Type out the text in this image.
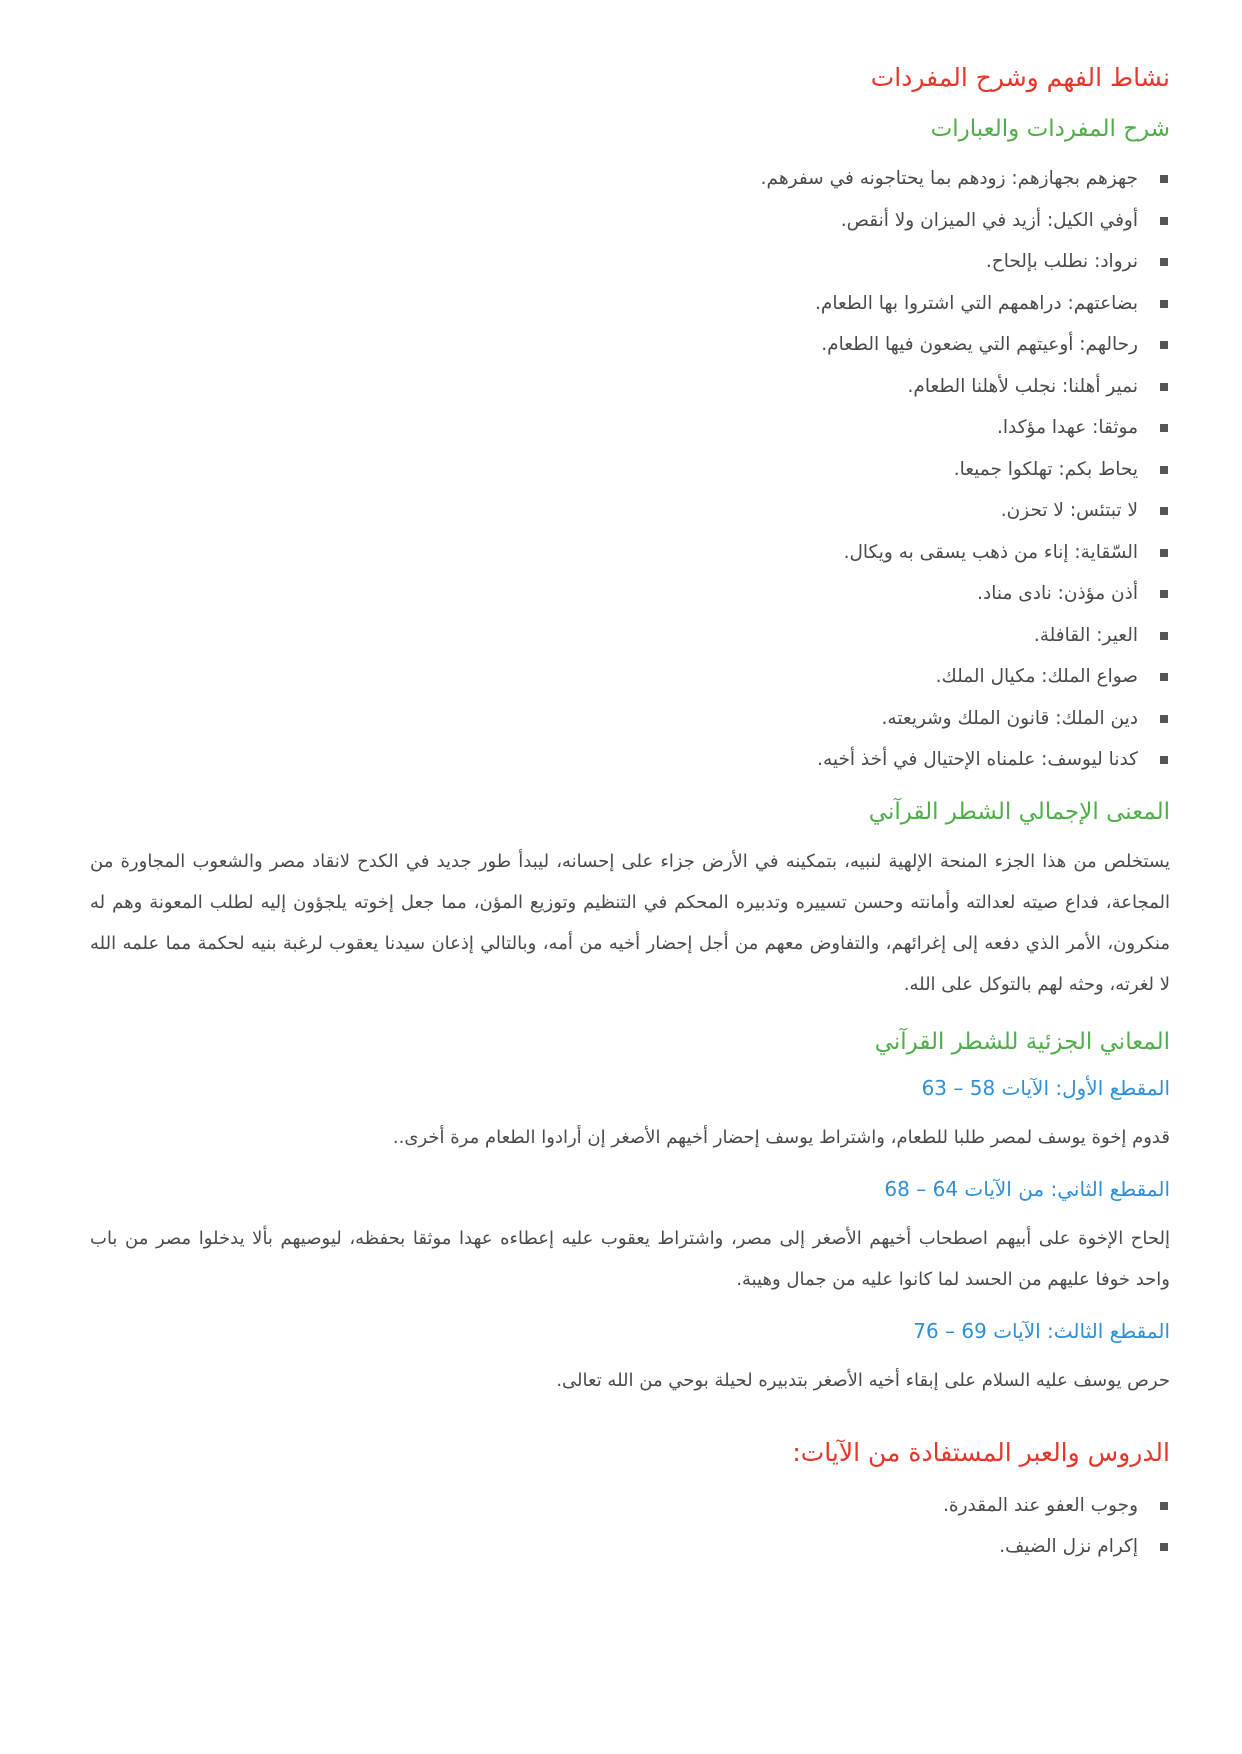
نشاط الفهم وشرح المفردات
شرح المفردات والعبارات
جهزهم بجهازهم: زودهم بما يحتاجونه في سفرهم.
أوفي الكيل: أزيد في الميزان ولا أنقص.
نرواد: نطلب بإلحاح.
بضاعتهم: دراهمهم التي اشتروا بها الطعام.
رحالهم: أوعيتهم التي يضعون فيها الطعام.
نمير أهلنا: نجلب لأهلنا الطعام.
موثقا: عهدا مؤكدا.
يحاط بكم: تهلكوا جميعا.
لا تبتئس: لا تحزن.
السّقاية: إناء من ذهب يسقى به ويكال.
أذن مؤذن: نادى مناد.
العير: القافلة.
صواع الملك: مكيال الملك.
دين الملك: قانون الملك وشريعته.
كدنا ليوسف: علمناه الإحتيال في أخذ أخيه.
المعنى الإجمالي الشطر القرآني

يستخلص من هذا الجزء المنحة الإلهية لنبيه، بتمكينه في الأرض جزاء على إحسانه، ليبدأ طور جديد في الكدح لانقاد مصر والشعوب المجاورة من المجاعة، فداع صيته لعدالته وأمانته وحسن تسييره وتدبيره المحكم في التنظيم وتوزيع المؤن، مما جعل إخوته يلجؤون إليه لطلب المعونة وهم له منكرون، الأمر الذي دفعه إلى إغرائهم، والتفاوض معهم من أجل إحضار أخيه من أمه، وبالتالي إذعان سيدنا يعقوب لرغبة بنيه لحكمة مما علمه الله لا لغرته، وحثه لهم بالتوكل على الله.

المعاني الجزئية للشطر القرآني
المقطع الأول: الآيات 58 – 63

قدوم إخوة يوسف لمصر طلبا للطعام، واشتراط يوسف إحضار أخيهم الأصغر إن أرادوا الطعام مرة أخرى..

المقطع الثاني: من الآيات 64 – 68

إلحاح الإخوة على أبيهم اصطحاب أخيهم الأصغر إلى مصر، واشتراط يعقوب عليه إعطاءه عهدا موثقا بحفظه، ليوصيهم بألا يدخلوا مصر من باب واحد خوفا عليهم من الحسد لما كانوا عليه من جمال وهيبة.

المقطع الثالث: الآيات 69 – 76

حرص يوسف عليه السلام على إبقاء أخيه الأصغر بتدبيره لحيلة بوحي من الله تعالى.

الدروس والعبر المستفادة من الآيات:
وجوب العفو عند المقدرة.
إكرام نزل الضيف.
